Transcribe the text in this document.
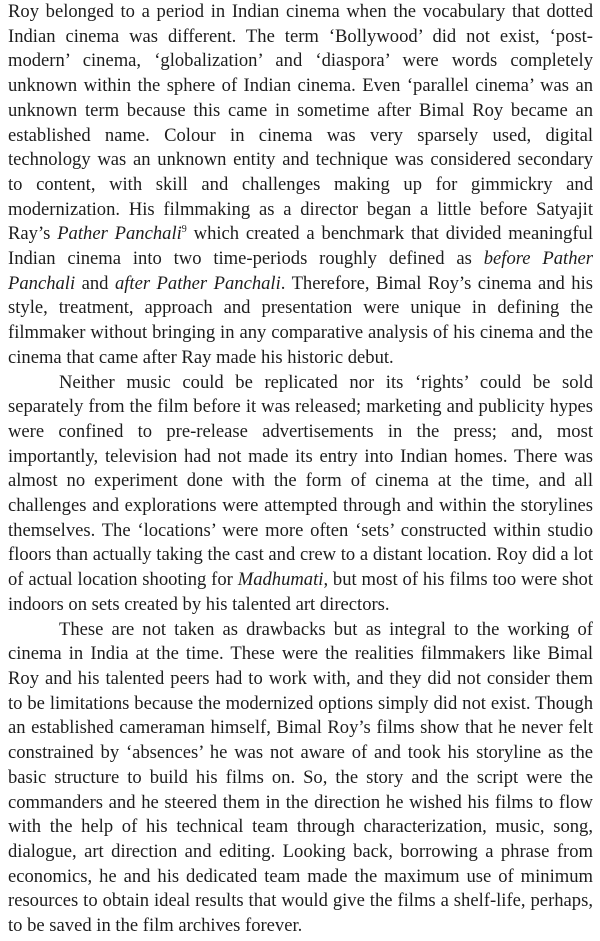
Roy belonged to a period in Indian cinema when the vocabulary that dotted Indian cinema was different. The term ‘Bollywood’ did not exist, ‘post-modern’ cinema, ‘globalization’ and ‘diaspora’ were words completely unknown within the sphere of Indian cinema. Even ‘parallel cinema’ was an unknown term because this came in sometime after Bimal Roy became an established name. Colour in cinema was very sparsely used, digital technology was an unknown entity and technique was considered secondary to content, with skill and challenges making up for gimmickry and modernization. His filmmaking as a director began a little before Satyajit Ray’s Pather Panchali$^9$ which created a benchmark that divided meaningful Indian cinema into two time-periods roughly defined as before Pather Panchali and after Pather Panchali. Therefore, Bimal Roy’s cinema and his style, treatment, approach and presentation were unique in defining the filmmaker without bringing in any comparative analysis of his cinema and the cinema that came after Ray made his historic debut.

Neither music could be replicated nor its ‘rights’ could be sold separately from the film before it was released; marketing and publicity hypes were confined to pre-release advertisements in the press; and, most importantly, television had not made its entry into Indian homes. There was almost no experiment done with the form of cinema at the time, and all challenges and explorations were attempted through and within the storylines themselves. The ‘locations’ were more often ‘sets’ constructed within studio floors than actually taking the cast and crew to a distant location. Roy did a lot of actual location shooting for Madhumati, but most of his films too were shot indoors on sets created by his talented art directors.

These are not taken as drawbacks but as integral to the working of cinema in India at the time. These were the realities filmmakers like Bimal Roy and his talented peers had to work with, and they did not consider them to be limitations because the modernized options simply did not exist. Though an established cameraman himself, Bimal Roy’s films show that he never felt constrained by ‘absences’ he was not aware of and took his storyline as the basic structure to build his films on. So, the story and the script were the commanders and he steered them in the direction he wished his films to flow with the help of his technical team through characterization, music, song, dialogue, art direction and editing. Looking back, borrowing a phrase from economics, he and his dedicated team made the maximum use of minimum resources to obtain ideal results that would give the films a shelf-life, perhaps, to be saved in the film archives forever.
